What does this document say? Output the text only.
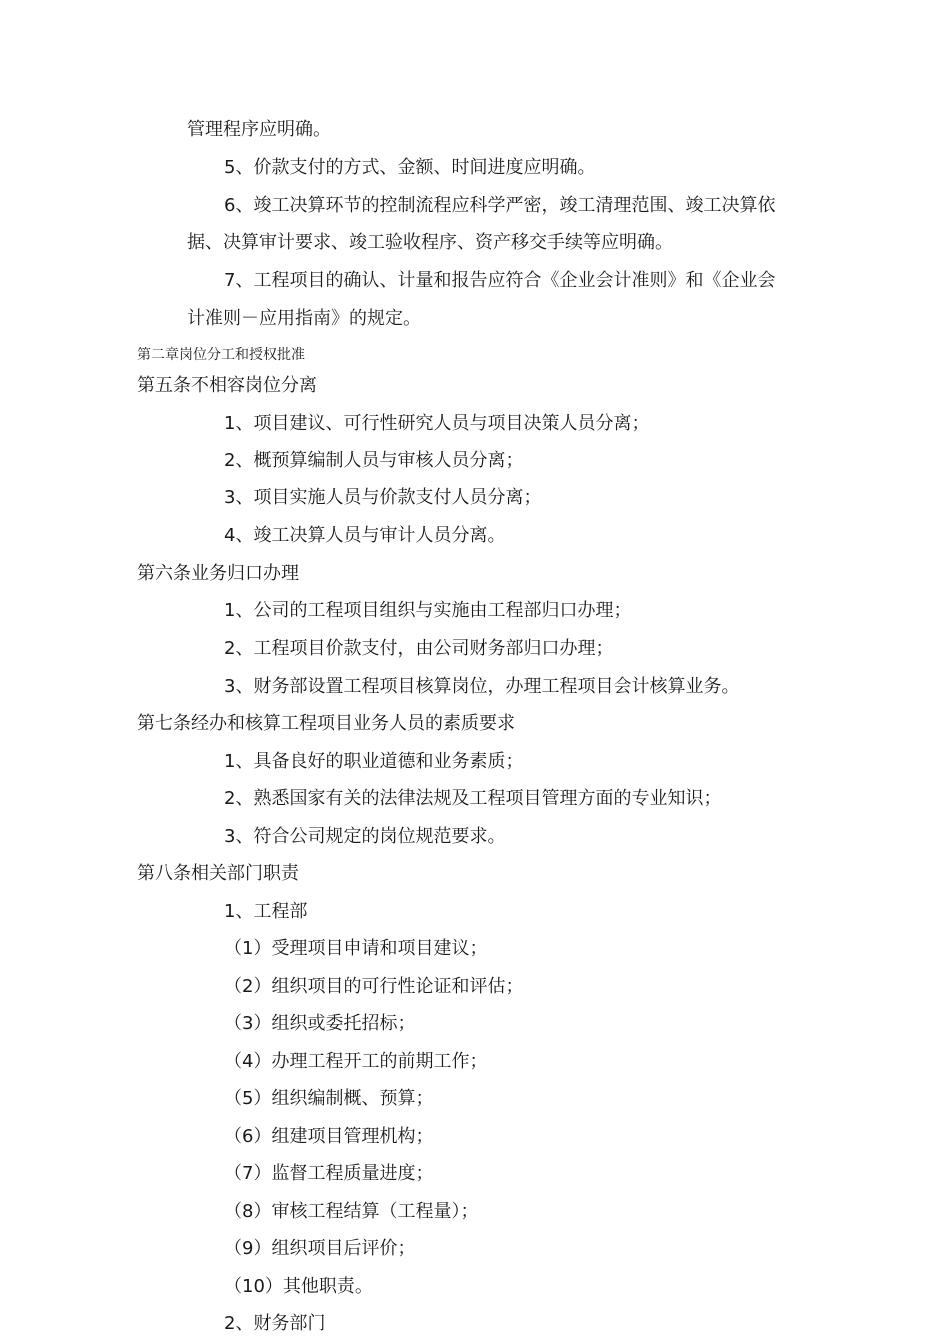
管理程序应明确。
5、价款支付的方式、金额、时间进度应明确。
6、竣工决算环节的控制流程应科学严密，竣工清理范围、竣工决算依
据、决算审计要求、竣工验收程序、资产移交手续等应明确。
7、工程项目的确认、计量和报告应符合《企业会计准则》和《企业会
计准则－应用指南》的规定。
第二章岗位分工和授权批准
第五条不相容岗位分离
1、项目建议、可行性研究人员与项目决策人员分离；
2、概预算编制人员与审核人员分离；
3、项目实施人员与价款支付人员分离；
4、竣工决算人员与审计人员分离。
第六条业务归口办理
1、公司的工程项目组织与实施由工程部归口办理；
2、工程项目价款支付，由公司财务部归口办理；
3、财务部设置工程项目核算岗位，办理工程项目会计核算业务。
第七条经办和核算工程项目业务人员的素质要求
1、具备良好的职业道德和业务素质；
2、熟悉国家有关的法律法规及工程项目管理方面的专业知识；
3、符合公司规定的岗位规范要求。
第八条相关部门职责
1、工程部
（1）受理项目申请和项目建议；
（2）组织项目的可行性论证和评估；
（3）组织或委托招标；
（4）办理工程开工的前期工作；
（5）组织编制概、预算；
（6）组建项目管理机构；
（7）监督工程质量进度；
（8）审核工程结算（工程量）；
（9）组织项目后评价；
（10）其他职责。
2、财务部门
